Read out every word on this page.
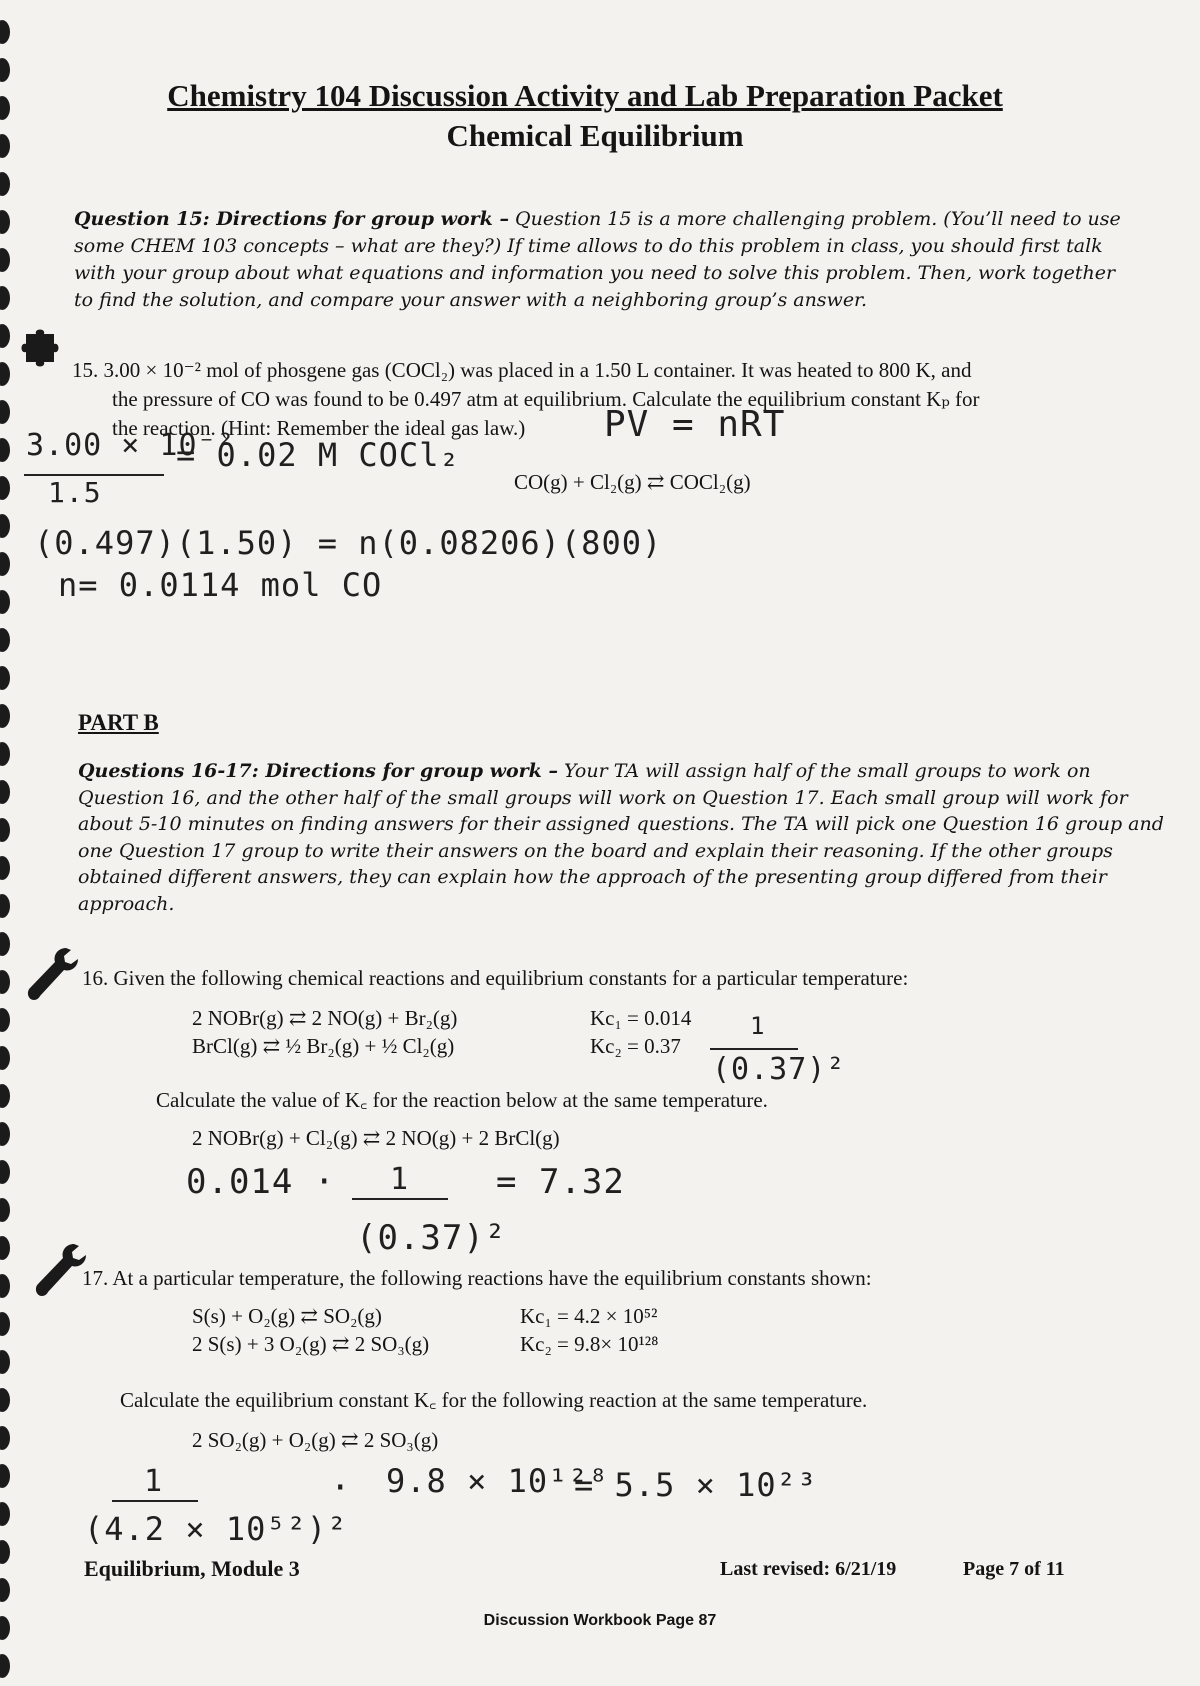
Chemistry 104 Discussion Activity and Lab Preparation Packet
Chemical Equilibrium
Question 15: Directions for group work – Question 15 is a more challenging problem. (You’ll need to use
some CHEM 103 concepts – what are they?) If time allows to do this problem in class, you should first talk
with your group about what equations and information you need to solve this problem. Then, work together
to find the solution, and compare your answer with a neighboring group’s answer.
15. 3.00 × 10⁻² mol of phosgene gas (COCl₂) was placed in a 1.50 L container. It was heated to 800 K, and
the pressure of CO was found to be 0.497 atm at equilibrium. Calculate the equilibrium constant Kₚ for
the reaction. (Hint: Remember the ideal gas law.)	PV = nRT
CO(g) + Cl₂(g) ⇄ COCl₂(g)
3.00 × 10⁻²
1.5
= 0.02 M COCl₂
(0.497)(1.50) = n(0.08206)(800)
n= 0.0114 mol CO
PART B
Questions 16-17: Directions for group work – Your TA will assign half of the small groups to work on
Question 16, and the other half of the small groups will work on Question 17. Each small group will work for
about 5-10 minutes on finding answers for their assigned questions. The TA will pick one Question 16 group and
one Question 17 group to write their answers on the board and explain their reasoning. If the other groups
obtained different answers, they can explain how the approach of the presenting group differed from their
approach.
16. Given the following chemical reactions and equilibrium constants for a particular temperature:
2 NOBr(g) ⇄ 2 NO(g) + Br₂(g)	Kc₁ = 0.014
BrCl(g) ⇄ ½ Br₂(g) + ½ Cl₂(g)	Kc₂ = 0.37
1
(0.37)²
Calculate the value of K꜀ for the reaction below at the same temperature.
2 NOBr(g) + Cl₂(g) ⇄ 2 NO(g) + 2 BrCl(g)
0.014 · 1
(0.37)²
= 7.32
17. At a particular temperature, the following reactions have the equilibrium constants shown:
S(s) + O₂(g) ⇄ SO₂(g)	Kc₁ = 4.2 × 10⁵²
2 S(s) + 3 O₂(g) ⇄ 2 SO₃(g)	Kc₂ = 9.8× 10¹²⁸
Calculate the equilibrium constant K꜀ for the following reaction at the same temperature.
2 SO₂(g) + O₂(g) ⇄ 2 SO₃(g)
1
(4.2 × 10⁵²)²
· 9.8 × 10¹²⁸
= 5.5 × 10²³
Equilibrium, Module 3	Last revised: 6/21/19	Page 7 of 11
Discussion Workbook Page 87
